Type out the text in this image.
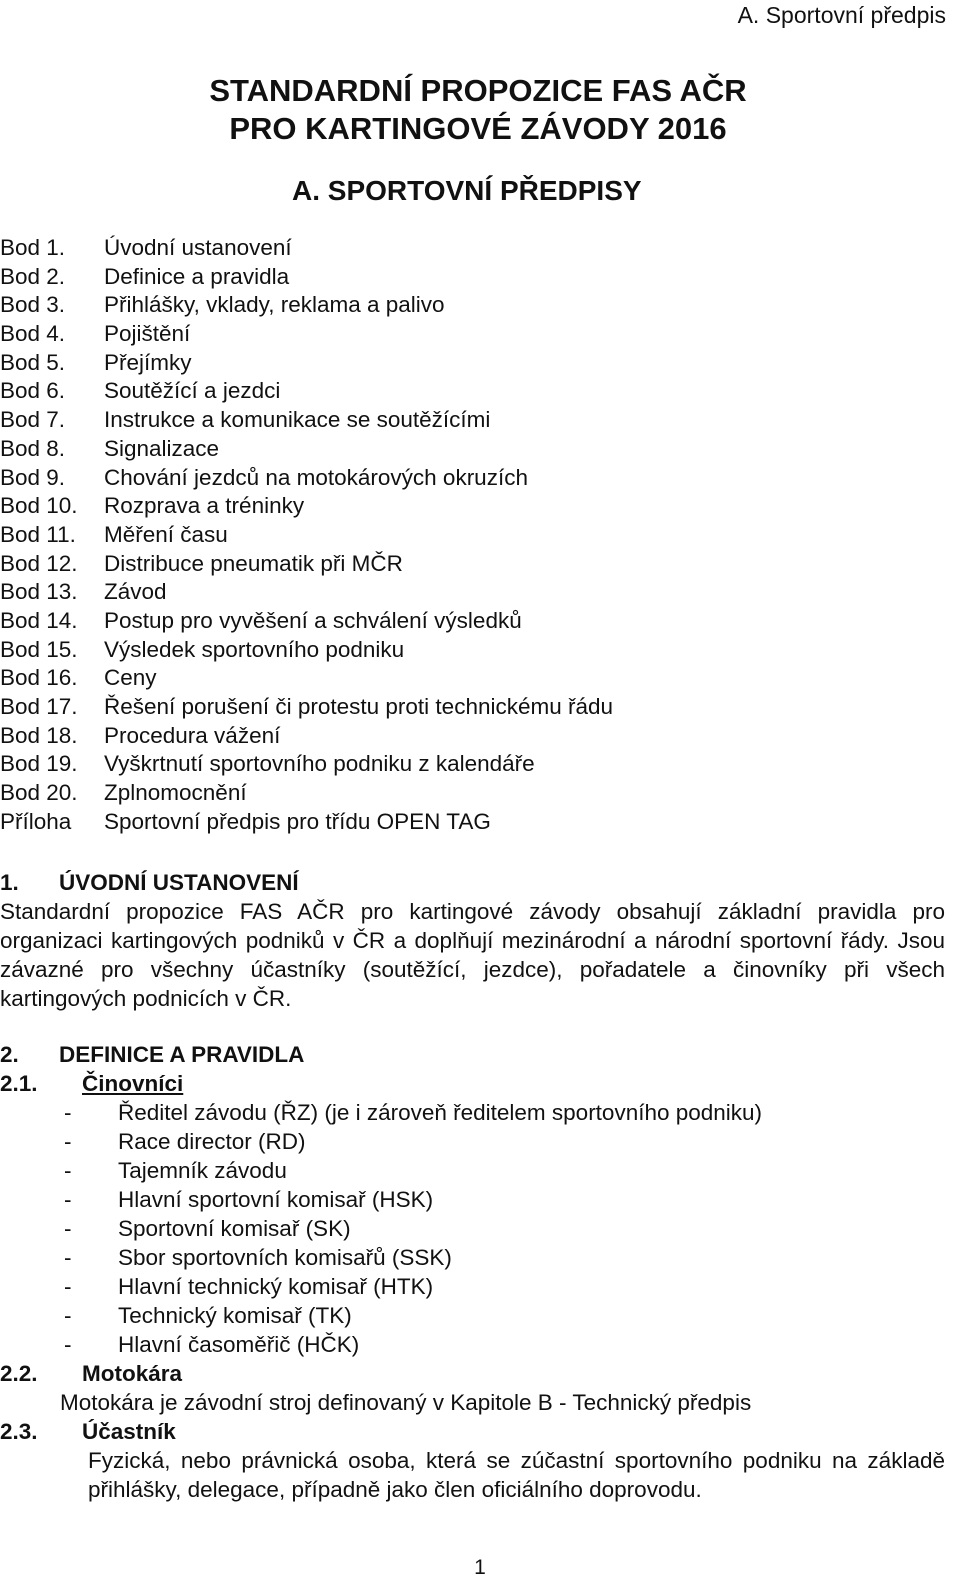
A. Sportovní předpis
STANDARDNÍ PROPOZICE FAS AČR
PRO KARTINGOVÉ ZÁVODY 2016
A. SPORTOVNÍ PŘEDPISY
Bod 1.	Úvodní ustanovení
Bod 2.	Definice a pravidla
Bod 3.	Přihlášky, vklady, reklama a palivo
Bod 4.	Pojištění
Bod 5.	Přejímky
Bod 6.	Soutěžící a jezdci
Bod 7.	Instrukce a komunikace se soutěžícími
Bod 8.	Signalizace
Bod 9.	Chování jezdců na motokárových okruzích
Bod 10.	Rozprava a tréninky
Bod 11.	Měření času
Bod 12.	Distribuce pneumatik při MČR
Bod 13.	Závod
Bod 14.	Postup pro vyvěšení a schválení výsledků
Bod 15.	Výsledek sportovního podniku
Bod 16.	Ceny
Bod 17.	Řešení porušení či protestu proti technickému řádu
Bod 18.	Procedura vážení
Bod 19.	Vyškrtnutí sportovního podniku z kalendáře
Bod 20.	Zplnomocnění
Příloha	Sportovní předpis pro třídu OPEN TAG
1.	ÚVODNÍ USTANOVENÍ
Standardní propozice FAS AČR pro kartingové závody obsahují základní pravidla pro organizaci kartingových podniků v ČR a doplňují mezinárodní a národní sportovní řády. Jsou závazné pro všechny účastníky (soutěžící, jezdce), pořadatele a činovníky při všech kartingových podnicích v ČR.
2.	DEFINICE A PRAVIDLA
2.1.	Činovníci
-	Ředitel závodu (ŘZ) (je i zároveň ředitelem sportovního podniku)
-	Race director (RD)
-	Tajemník závodu
-	Hlavní sportovní komisař (HSK)
-	Sportovní komisař (SK)
-	Sbor sportovních komisařů (SSK)
-	Hlavní technický komisař (HTK)
-	Technický komisař (TK)
-	Hlavní časoměřič (HČK)
2.2.	Motokára
Motokára je závodní stroj definovaný v Kapitole B - Technický předpis
2.3.	Účastník
Fyzická, nebo právnická osoba, která se zúčastní sportovního podniku na základě přihlášky, delegace, případně jako člen oficiálního doprovodu.
1
